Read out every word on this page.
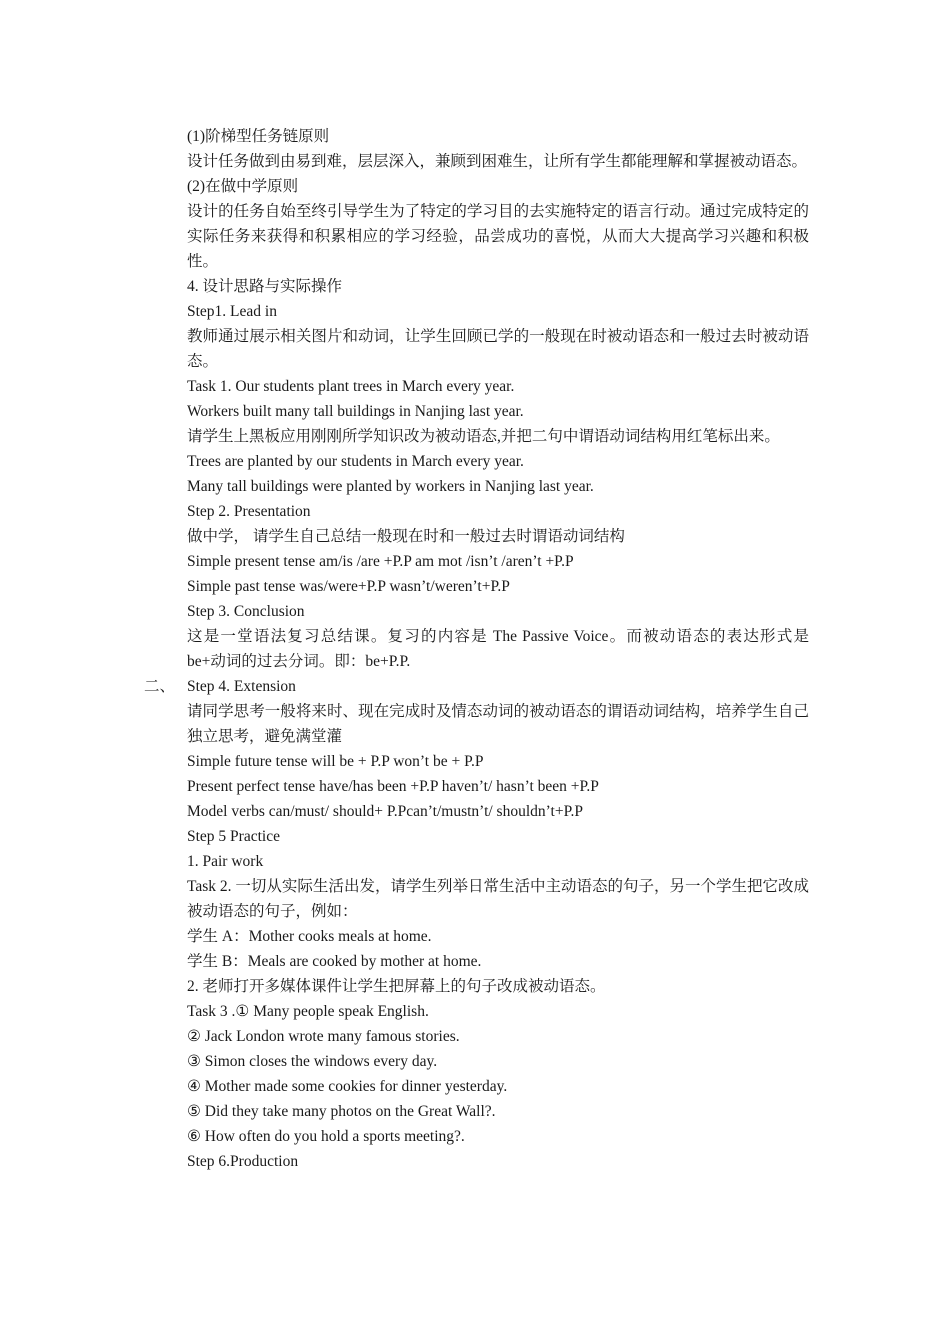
(1)阶梯型任务链原则
设计任务做到由易到难，层层深入，兼顾到困难生，让所有学生都能理解和掌握被动语态。
(2)在做中学原则
设计的任务自始至终引导学生为了特定的学习目的去实施特定的语言行动。通过完成特定的实际任务来获得和积累相应的学习经验，品尝成功的喜悦，从而大大提高学习兴趣和积极性。
4. 设计思路与实际操作
Step1. Lead in
教师通过展示相关图片和动词，让学生回顾已学的一般现在时被动语态和一般过去时被动语态。
Task 1. Our students plant trees in March every year.
Workers built many tall buildings in Nanjing last year.
请学生上黑板应用刚刚所学知识改为被动语态,并把二句中谓语动词结构用红笔标出来。
Trees are planted by our students in March every year.
Many tall buildings were planted by workers in Nanjing last year.
Step 2. Presentation
做中学， 请学生自己总结一般现在时和一般过去时谓语动词结构
Simple present tense am/is /are +P.P am mot /isn’t /aren’t +P.P
Simple past tense was/were+P.P wasn’t/weren’t+P.P
Step 3. Conclusion
这是一堂语法复习总结课。复习的内容是 The Passive Voice。而被动语态的表达形式是 be+动词的过去分词。即：be+P.P.
二、 Step 4. Extension
请同学思考一般将来时、现在完成时及情态动词的被动语态的谓语动词结构，培养学生自己独立思考，避免满堂灌
Simple future tense will be + P.P won’t be + P.P
Present perfect tense have/has been +P.P haven’t/ hasn’t been +P.P
Model verbs can/must/ should+ P.Pcan’t/mustn’t/ shouldn’t+P.P
Step 5 Practice
1. Pair work
Task 2. 一切从实际生活出发，请学生列举日常生活中主动语态的句子，另一个学生把它改成被动语态的句子，例如：
学生 A：Mother cooks meals at home.
学生 B：Meals are cooked by mother at home.
2. 老师打开多媒体课件让学生把屏幕上的句子改成被动语态。
Task 3 .① Many people speak English.
② Jack London wrote many famous stories.
③ Simon closes the windows every day.
④ Mother made some cookies for dinner yesterday.
⑤ Did they take many photos on the Great Wall?.
⑥ How often do you hold a sports meeting?.
Step 6.Production
